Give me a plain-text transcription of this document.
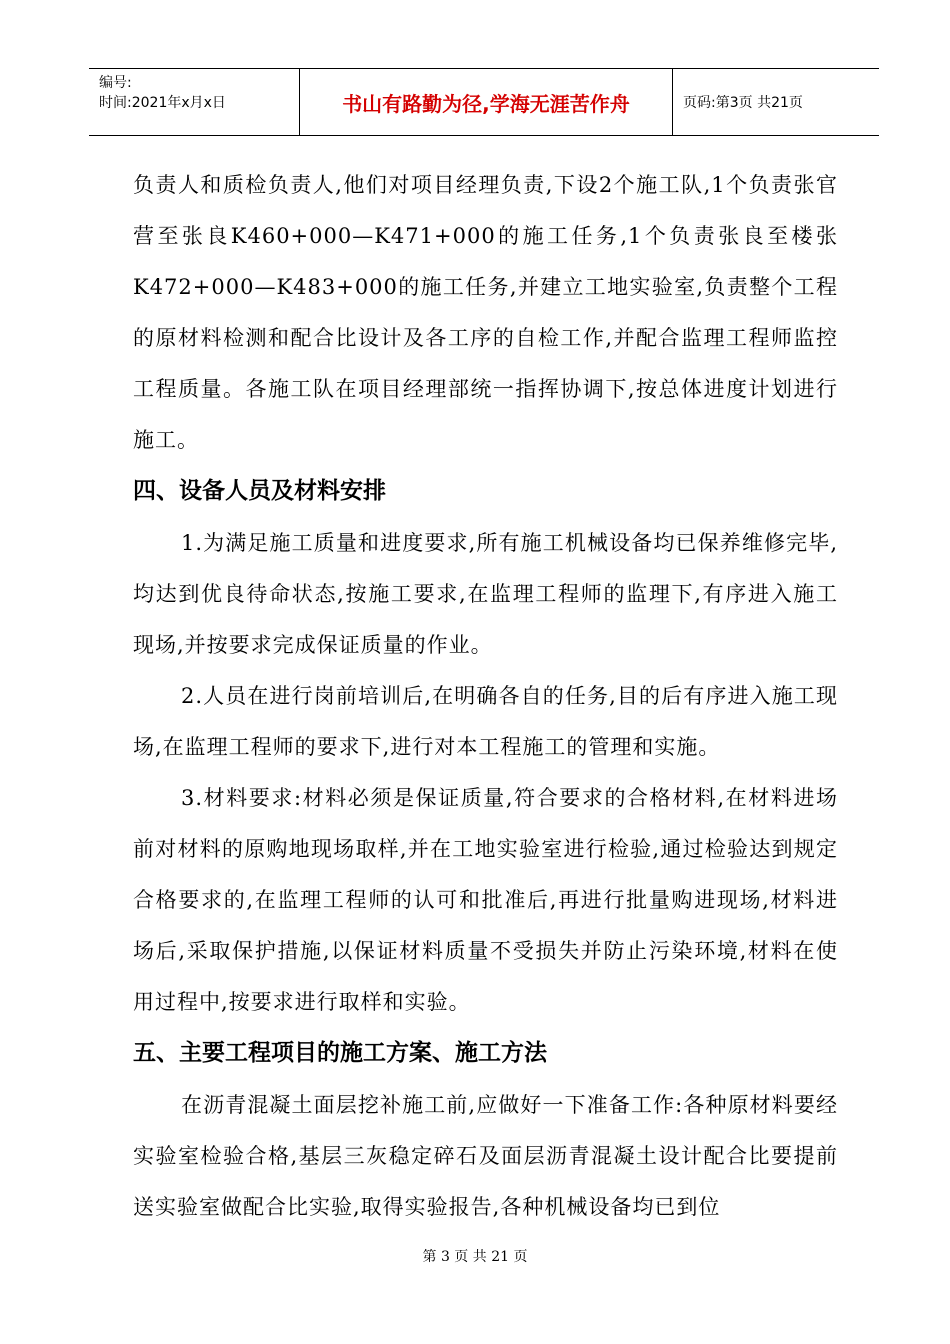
编号:
时间:2021年x月x日	书山有路勤为径,学海无涯苦作舟	页码:第3页 共21页

负责人和质检负责人,他们对项目经理负责,下设2个施工队,1个负责张官营至张良K460+000—K471+000的施工任务,1个负责张良至楼张K472+000—K483+000的施工任务,并建立工地实验室,负责整个工程的原材料检测和配合比设计及各工序的自检工作,并配合监理工程师监控工程质量。各施工队在项目经理部统一指挥协调下,按总体进度计划进行施工。

四、设备人员及材料安排

1.为满足施工质量和进度要求,所有施工机械设备均已保养维修完毕,均达到优良待命状态,按施工要求,在监理工程师的监理下,有序进入施工现场,并按要求完成保证质量的作业。

2.人员在进行岗前培训后,在明确各自的任务,目的后有序进入施工现场,在监理工程师的要求下,进行对本工程施工的管理和实施。

3.材料要求:材料必须是保证质量,符合要求的合格材料,在材料进场前对材料的原购地现场取样,并在工地实验室进行检验,通过检验达到规定合格要求的,在监理工程师的认可和批准后,再进行批量购进现场,材料进场后,采取保护措施,以保证材料质量不受损失并防止污染环境,材料在使用过程中,按要求进行取样和实验。

五、主要工程项目的施工方案、施工方法

在沥青混凝土面层挖补施工前,应做好一下准备工作:各种原材料要经实验室检验合格,基层三灰稳定碎石及面层沥青混凝土设计配合比要提前送实验室做配合比实验,取得实验报告,各种机械设备均已到位

第 3 页 共 21 页
